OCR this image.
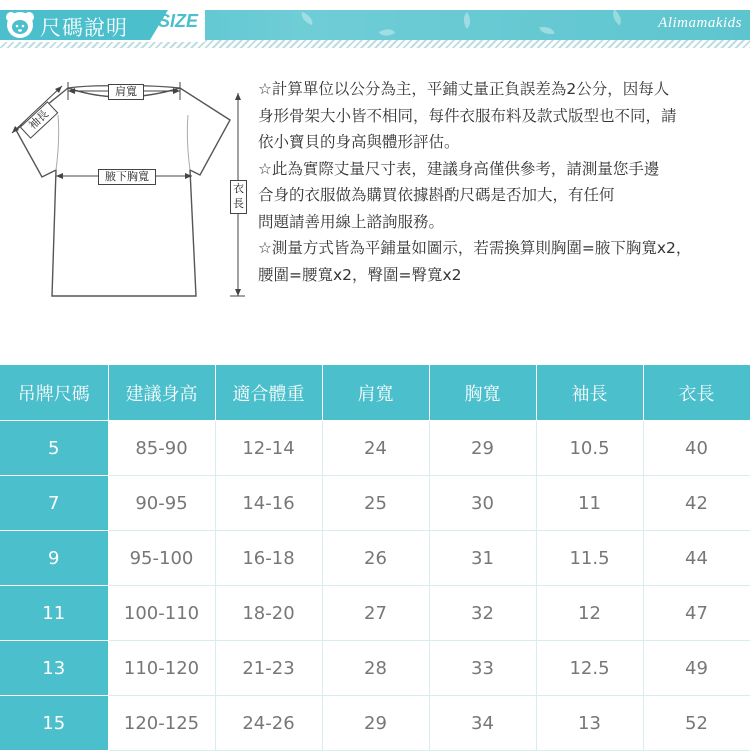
尺碼說明 SIZE	Alimamakids
肩寬
袖長
腋下胸寬
衣
長

☆計算單位以公分為主，平鋪丈量正負誤差為2公分，因每人
身形骨架大小皆不相同，每件衣服布料及款式版型也不同，請
依小寶貝的身高與體形評估。

☆此為實際丈量尺寸表，建議身高僅供參考，請測量您手邊
合身的衣服做為購買依據斟酌尺碼是否加大，有任何
問題請善用線上諮詢服務。

☆測量方式皆為平鋪量如圖示，若需換算則胸圍=腋下胸寬x2，
腰圍=腰寬x2，臀圍=臀寬x2

吊牌尺碼	建議身高	適合體重	肩寬	胸寬	袖長	衣長
5	85-90	12-14	24	29	10.5	40
7	90-95	14-16	25	30	11	42
9	95-100	16-18	26	31	11.5	44
11	100-110	18-20	27	32	12	47
13	110-120	21-23	28	33	12.5	49
15	120-125	24-26	29	34	13	52
